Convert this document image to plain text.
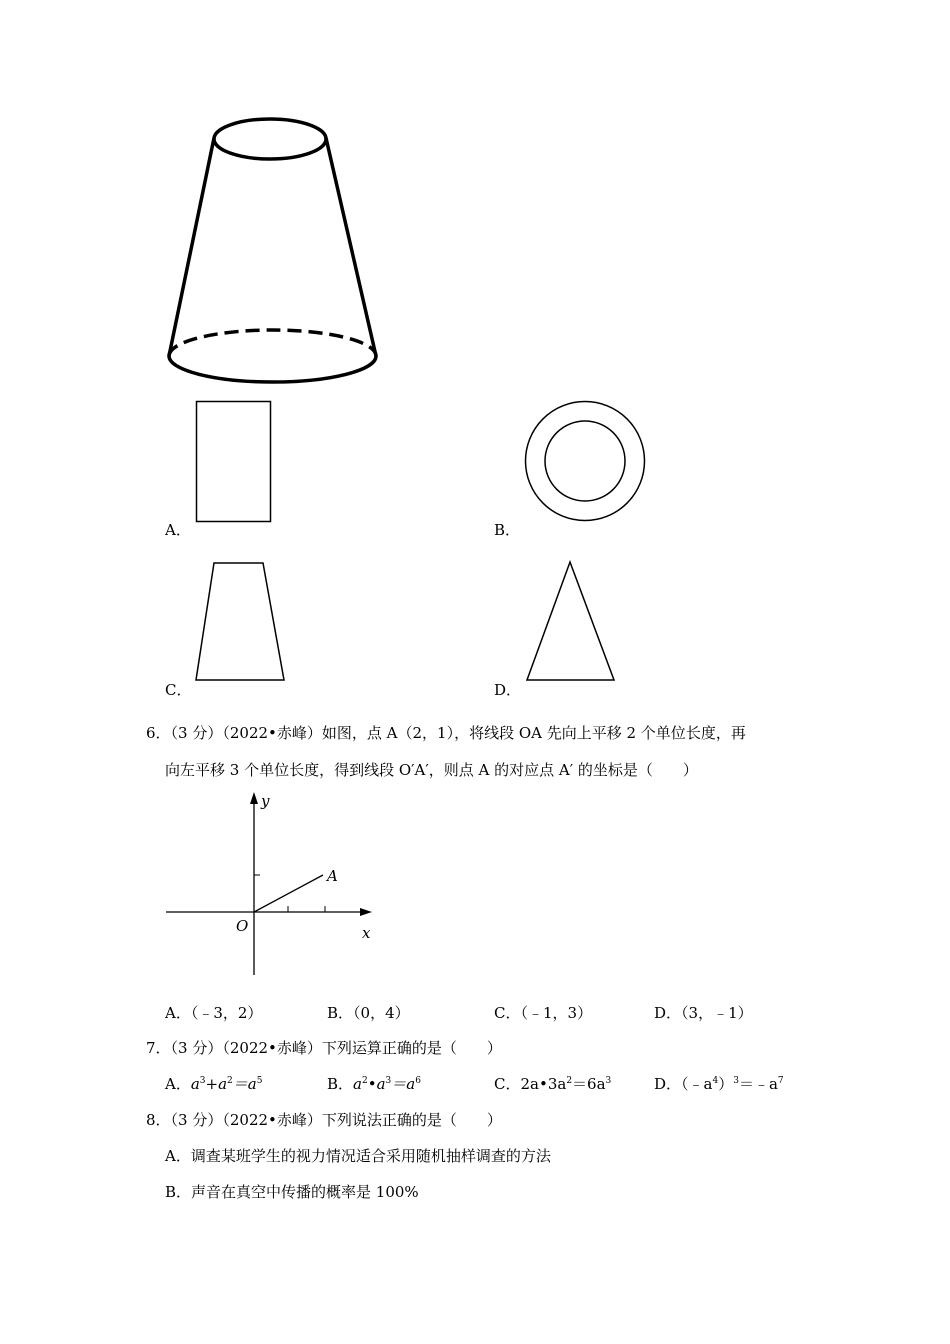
A．	B．
C．	D．
6．（3 分）（2022•赤峰）如图，点 A（2，1），将线段 OA 先向上平移 2 个单位长度，再
向左平移 3 个单位长度，得到线段 O′A′，则点 A 的对应点 A′ 的坐标是（　　）
y
A
O	x
A．（﹣3，2）	B．（0，4）	C．（﹣1，3）	D．（3，﹣1）
7．（3 分）（2022•赤峰）下列运算正确的是（　　）
A．$a^3+a^2=a^5$	B．$a^2•a^3=a^6$	C．$2a•3a^2=6a^3$	D．$(﹣a^4)^3=﹣a^7$
8．（3 分）（2022•赤峰）下列说法正确的是（　　）
A．调查某班学生的视力情况适合采用随机抽样调查的方法
B．声音在真空中传播的概率是 100%
